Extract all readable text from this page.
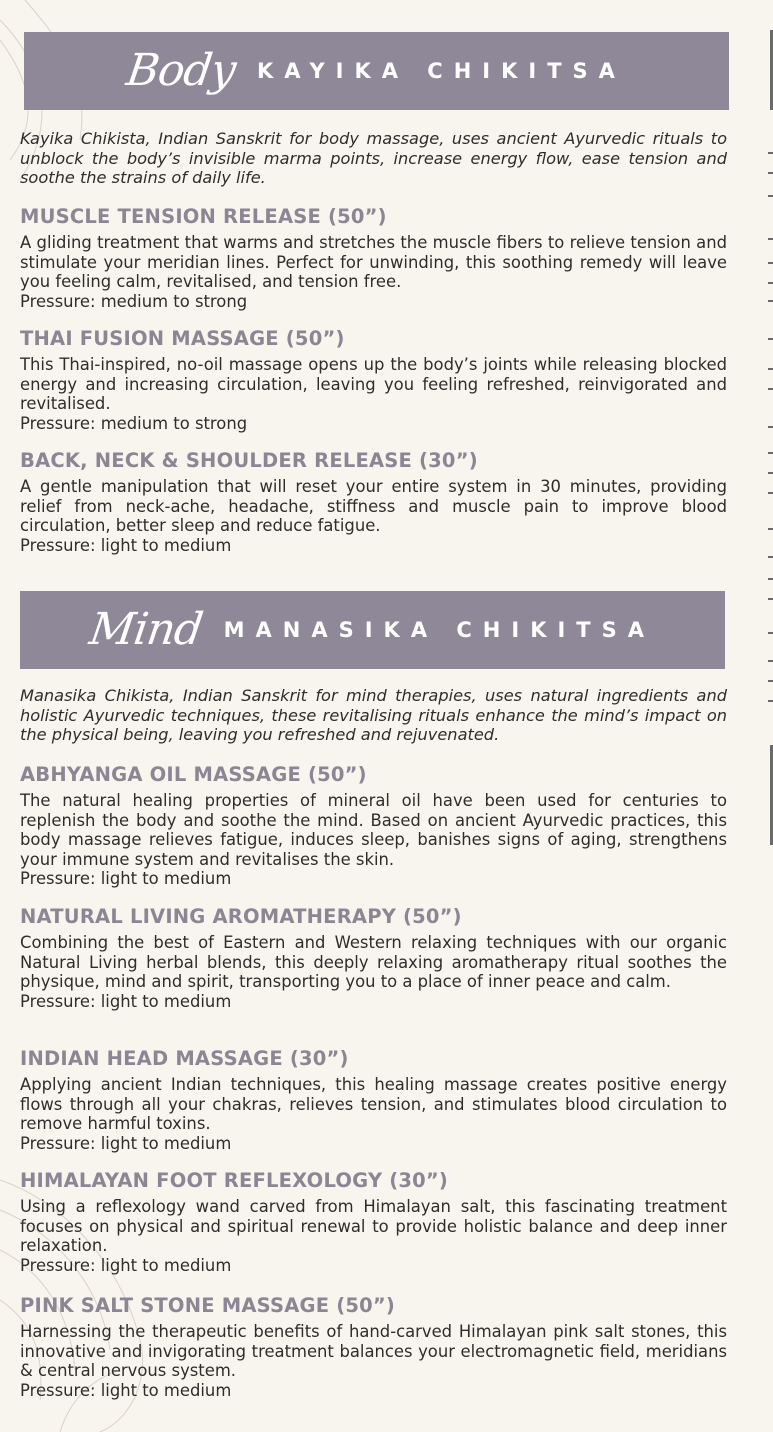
Body KAYIKA CHIKITSA
Kayika Chikista, Indian Sanskrit for body massage, uses ancient Ayurvedic rituals to unblock the body’s invisible marma points, increase energy flow, ease tension and soothe the strains of daily life.
MUSCLE TENSION RELEASE (50”)

A gliding treatment that warms and stretches the muscle fibers to relieve tension and stimulate your meridian lines. Perfect for unwinding, this soothing remedy will leave you feeling calm, revitalised, and tension free.

Pressure: medium to strong

THAI FUSION MASSAGE (50”)

This Thai-inspired, no-oil massage opens up the body’s joints while releasing blocked energy and increasing circulation, leaving you feeling refreshed, reinvigorated and revitalised.

Pressure: medium to strong

BACK, NECK & SHOULDER RELEASE (30”)

A gentle manipulation that will reset your entire system in 30 minutes, providing relief from neck-ache, headache, stiffness and muscle pain to improve blood circulation, better sleep and reduce fatigue.

Pressure: light to medium

Mind MANASIKA CHIKITSA
Manasika Chikista, Indian Sanskrit for mind therapies, uses natural ingredients and holistic Ayurvedic techniques, these revitalising rituals enhance the mind’s impact on the physical being, leaving you refreshed and rejuvenated.
ABHYANGA OIL MASSAGE (50”)

The natural healing properties of mineral oil have been used for centuries to replenish the body and soothe the mind. Based on ancient Ayurvedic practices, this body massage relieves fatigue, induces sleep, banishes signs of aging, strengthens your immune system and revitalises the skin.

Pressure: light to medium

NATURAL LIVING AROMATHERAPY (50”)

Combining the best of Eastern and Western relaxing techniques with our organic Natural Living herbal blends, this deeply relaxing aromatherapy ritual soothes the physique, mind and spirit, transporting you to a place of inner peace and calm.

Pressure: light to medium

INDIAN HEAD MASSAGE (30”)

Applying ancient Indian techniques, this healing massage creates positive energy flows through all your chakras, relieves tension, and stimulates blood circulation to remove harmful toxins.

Pressure: light to medium

HIMALAYAN FOOT REFLEXOLOGY (30”)

Using a reflexology wand carved from Himalayan salt, this fascinating treatment focuses on physical and spiritual renewal to provide holistic balance and deep inner relaxation.

Pressure: light to medium

PINK SALT STONE MASSAGE (50”)

Harnessing the therapeutic benefits of hand-carved Himalayan pink salt stones, this innovative and invigorating treatment balances your electromagnetic field, meridians & central nervous system.

Pressure: light to medium
